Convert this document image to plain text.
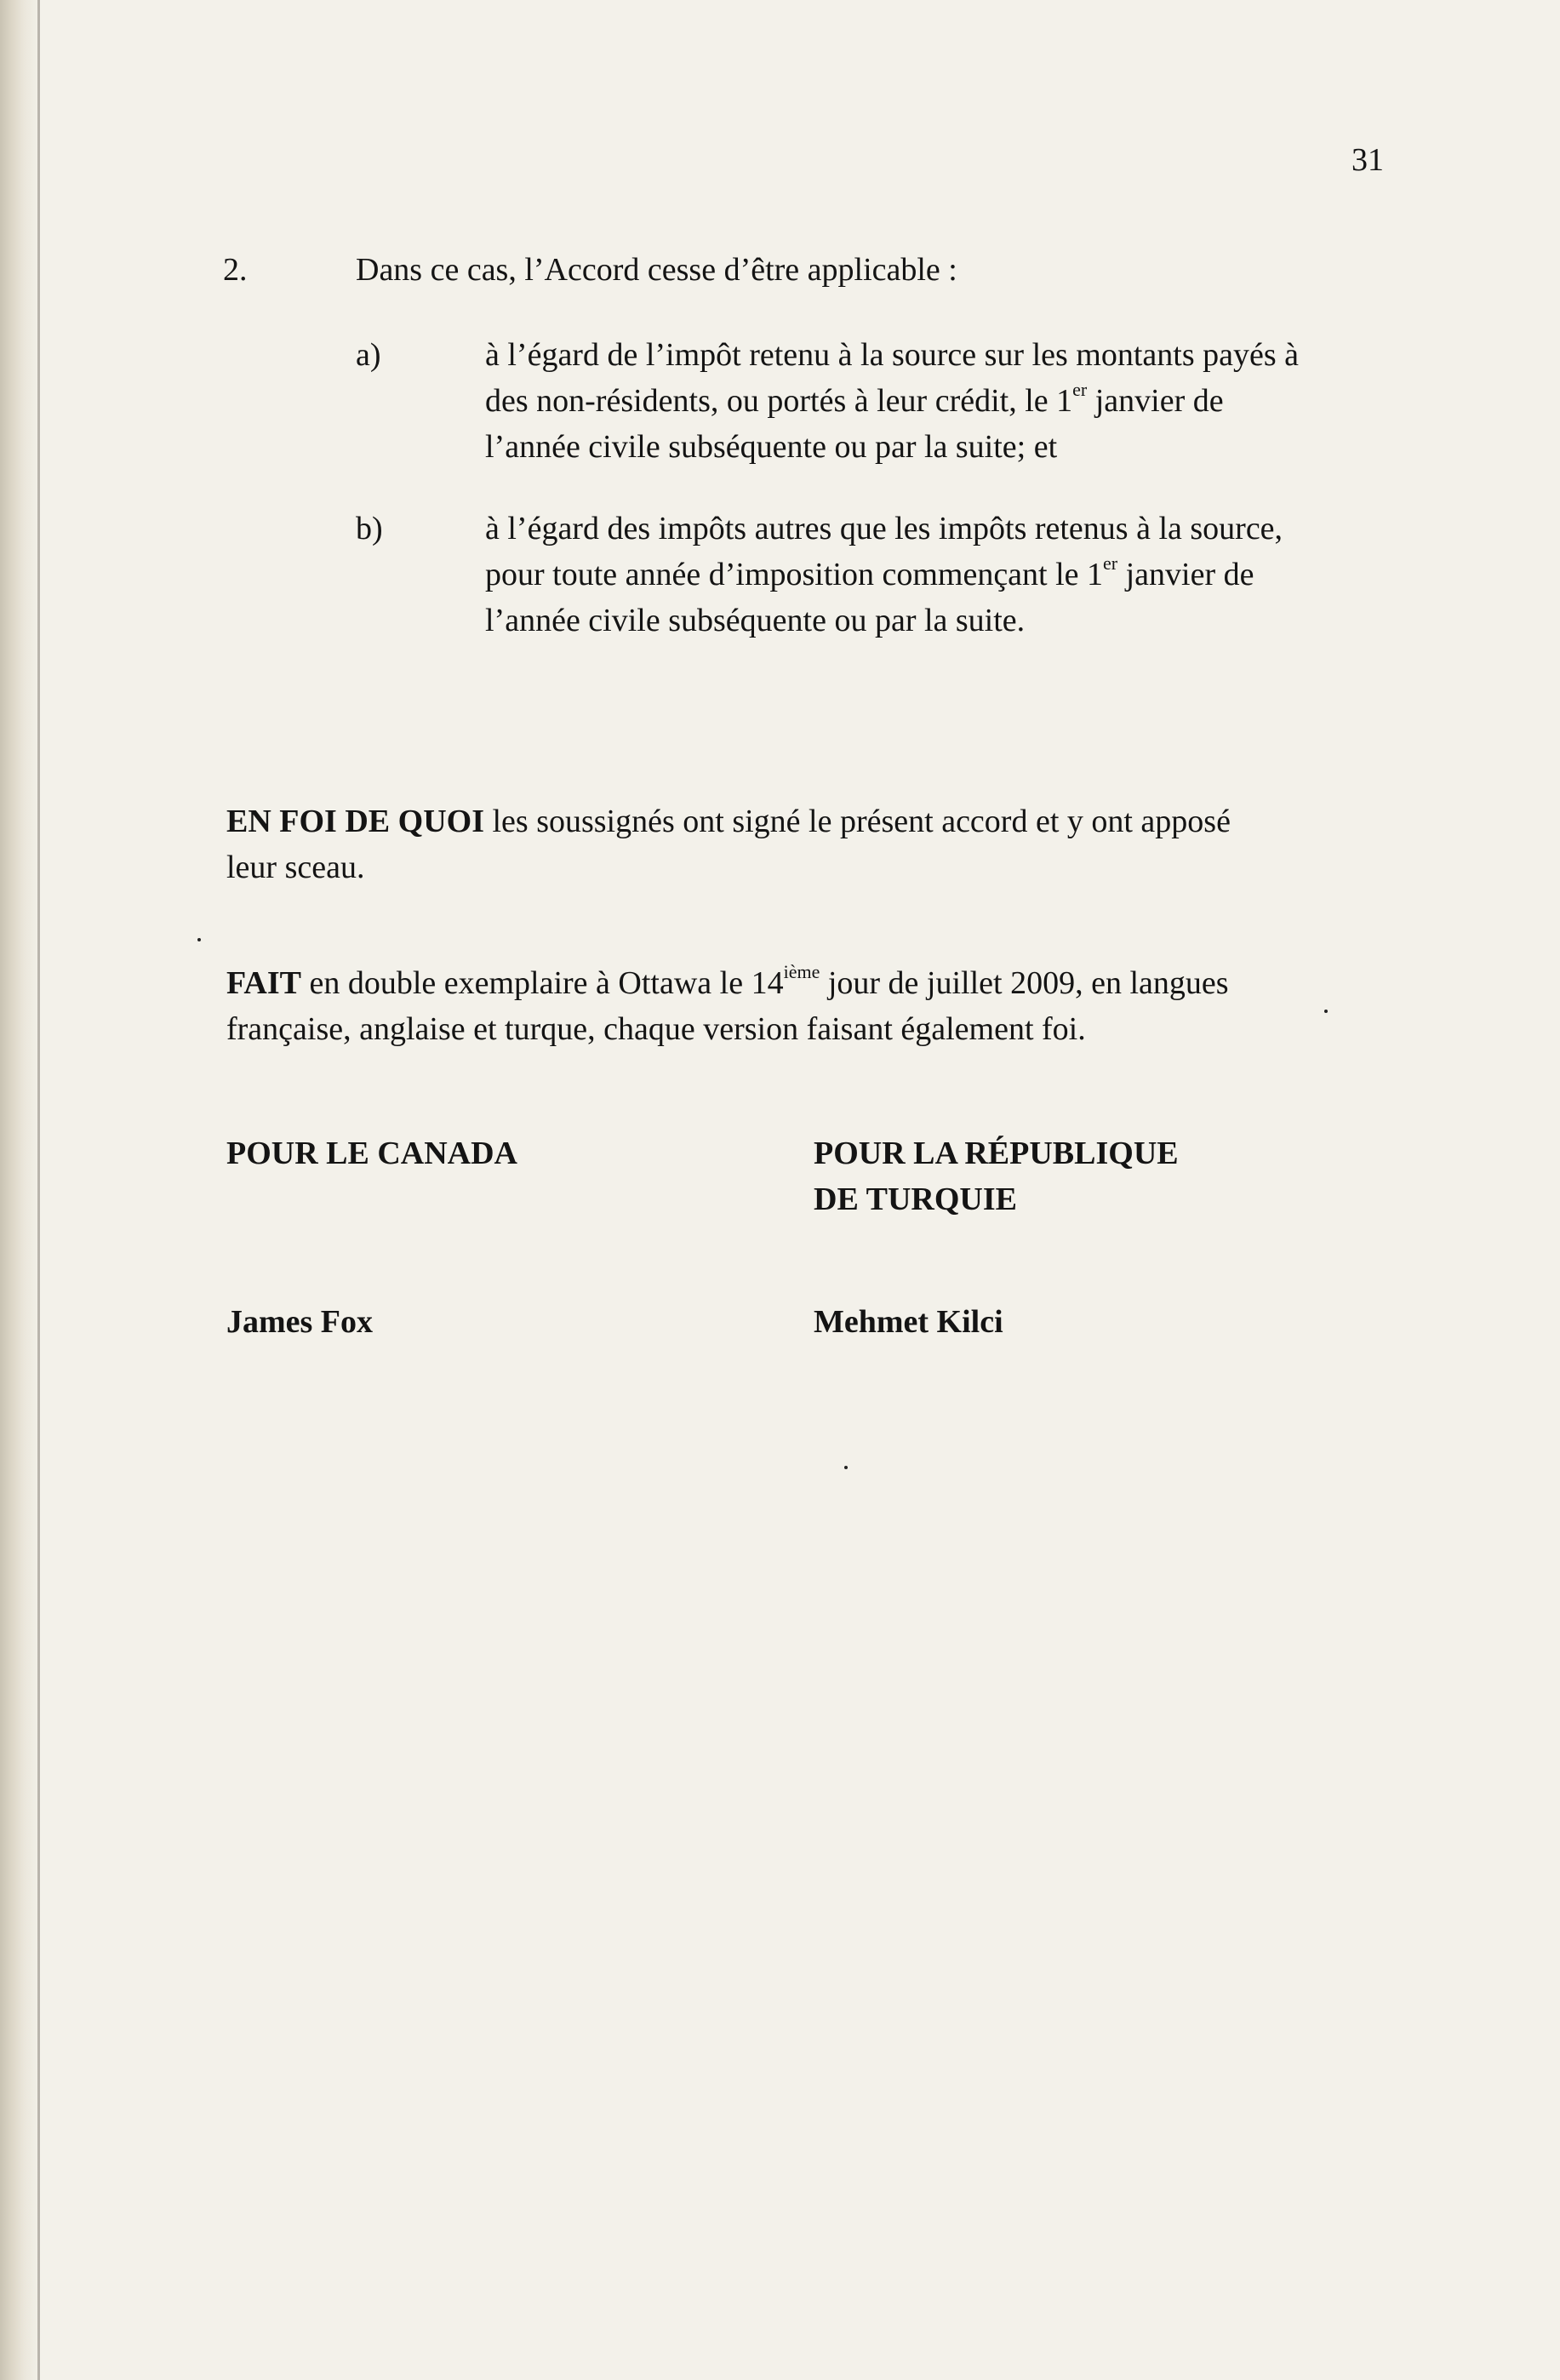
31
2.	Dans ce cas, l’Accord cesse d’être applicable :
a)	à l’égard de l’impôt retenu à la source sur les montants payés à
des non-résidents, ou portés à leur crédit, le 1er janvier de
l’année civile subséquente ou par la suite; et
b)	à l’égard des impôts autres que les impôts retenus à la source,
pour toute année d’imposition commençant le 1er janvier de
l’année civile subséquente ou par la suite.
EN FOI DE QUOI les soussignés ont signé le présent accord et y ont apposé
leur sceau.
FAIT en double exemplaire à Ottawa le 14ième jour de juillet 2009, en langues
française, anglaise et turque, chaque version faisant également foi.
POUR LE CANADA	POUR LA RÉPUBLIQUE
DE TURQUIE
James Fox	Mehmet Kilci
